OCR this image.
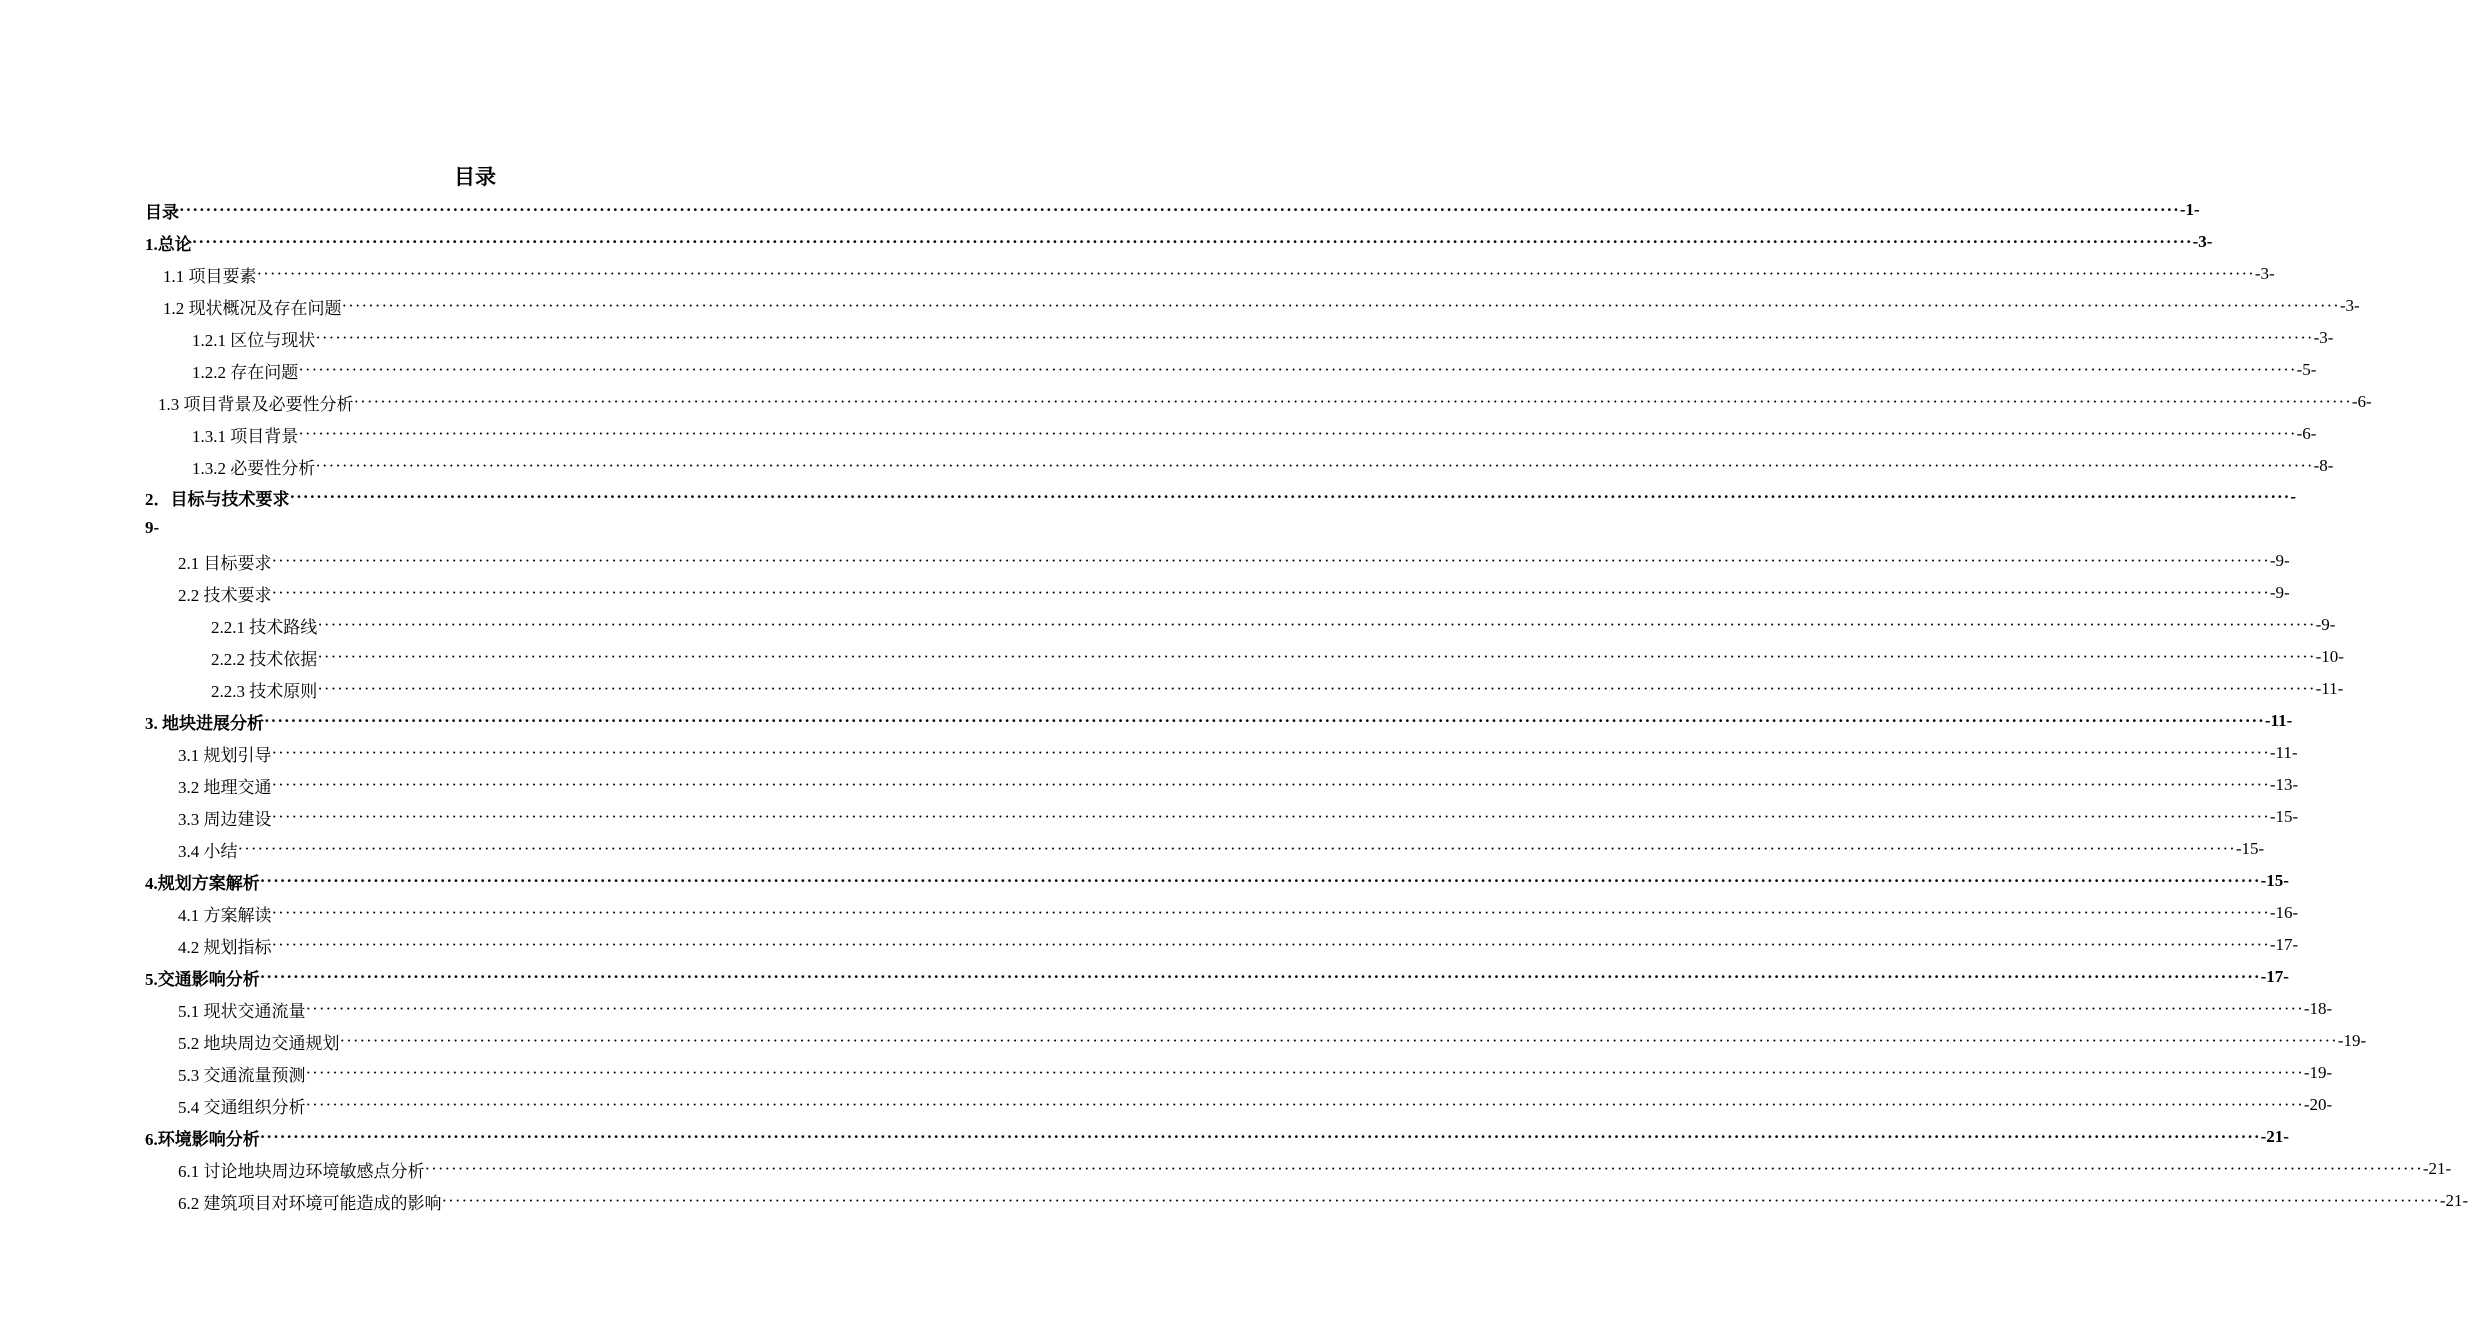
目录
目录 ············································································································································································································································································································ -1-
1.总论 ············································································································································································································································································································ -3-
1.1 项目要素 ············································································································································································································································································································ -3-
1.2 现状概况及存在问题 ············································································································································································································································································································ -3-
1.2.1 区位与现状 ············································································································································································································································································································ -3-
1.2.2 存在问题 ············································································································································································································································································································ -5-
1.3 项目背景及必要性分析 ············································································································································································································································································································ -6-
1.3.1 项目背景 ············································································································································································································································································································ -6-
1.3.2 必要性分析 ············································································································································································································································································································ -8-
2．目标与技术要求 ············································································································································································································································································································ -
9-
2.1 目标要求 ············································································································································································································································································································ -9-
2.2 技术要求 ············································································································································································································································································································ -9-
2.2.1 技术路线 ············································································································································································································································································································ -9-
2.2.2 技术依据 ············································································································································································································································································································ -10-
2.2.3 技术原则 ············································································································································································································································································································ -11-
3. 地块进展分析 ············································································································································································································································································································ -11-
3.1 规划引导 ············································································································································································································································································································ -11-
3.2 地理交通 ············································································································································································································································································································ -13-
3.3 周边建设 ············································································································································································································································································································ -15-
3.4 小结 ············································································································································································································································································································ -15-
4.规划方案解析 ············································································································································································································································································································ -15-
4.1 方案解读 ············································································································································································································································································································ -16-
4.2 规划指标 ············································································································································································································································································································ -17-
5.交通影响分析 ············································································································································································································································································································ -17-
5.1 现状交通流量 ············································································································································································································································································································ -18-
5.2 地块周边交通规划 ············································································································································································································································································································ -19-
5.3 交通流量预测 ············································································································································································································································································································ -19-
5.4 交通组织分析 ············································································································································································································································································································ -20-
6.环境影响分析 ············································································································································································································································································································ -21-
6.1 讨论地块周边环境敏感点分析 ············································································································································································································································································································ -21-
6.2 建筑项目对环境可能造成的影响 ············································································································································································································································································································ -21-
